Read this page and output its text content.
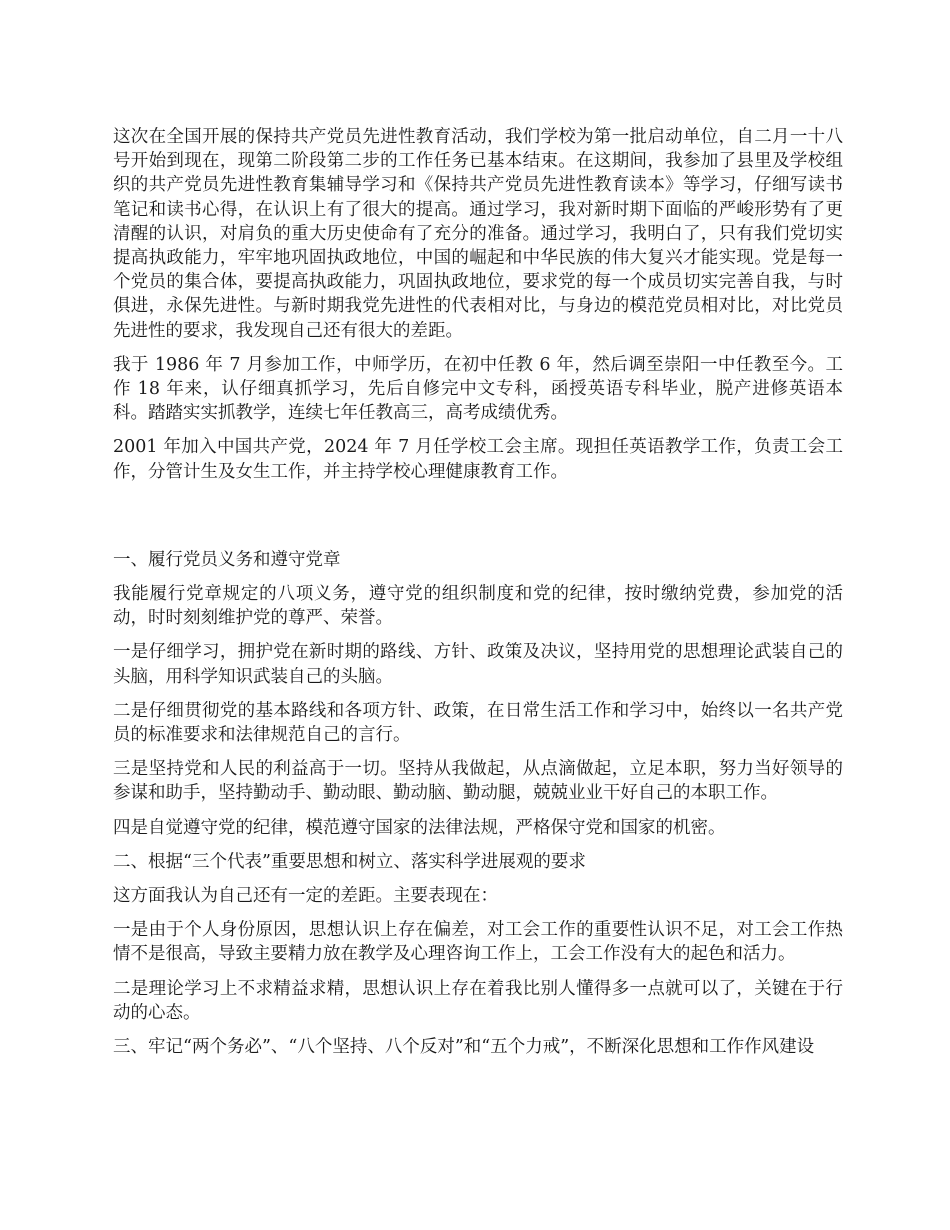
这次在全国开展的保持共产党员先进性教育活动，我们学校为第一批启动单位，自二月一十八号开始到现在，现第二阶段第二步的工作任务已基本结束。在这期间，我参加了县里及学校组织的共产党员先进性教育集辅导学习和《保持共产党员先进性教育读本》等学习，仔细写读书笔记和读书心得，在认识上有了很大的提高。通过学习，我对新时期下面临的严峻形势有了更清醒的认识，对肩负的重大历史使命有了充分的准备。通过学习，我明白了，只有我们党切实提高执政能力，牢牢地巩固执政地位，中国的崛起和中华民族的伟大复兴才能实现。党是每一个党员的集合体，要提高执政能力，巩固执政地位，要求党的每一个成员切实完善自我，与时俱进，永保先进性。与新时期我党先进性的代表相对比，与身边的模范党员相对比，对比党员先进性的要求，我发现自己还有很大的差距。

我于 1986 年 7 月参加工作，中师学历，在初中任教 6 年，然后调至崇阳一中任教至今。工作 18 年来，认仔细真抓学习，先后自修完中文专科，函授英语专科毕业，脱产进修英语本科。踏踏实实抓教学，连续七年任教高三，高考成绩优秀。

2001 年加入中国共产党，2024 年 7 月任学校工会主席。现担任英语教学工作，负责工会工作，分管计生及女生工作，并主持学校心理健康教育工作。

一、履行党员义务和遵守党章

我能履行党章规定的八项义务，遵守党的组织制度和党的纪律，按时缴纳党费，参加党的活动，时时刻刻维护党的尊严、荣誉。

一是仔细学习，拥护党在新时期的路线、方针、政策及决议，坚持用党的思想理论武装自己的头脑，用科学知识武装自己的头脑。

二是仔细贯彻党的基本路线和各项方针、政策，在日常生活工作和学习中，始终以一名共产党员的标准要求和法律规范自己的言行。

三是坚持党和人民的利益高于一切。坚持从我做起，从点滴做起，立足本职，努力当好领导的参谋和助手，坚持勤动手、勤动眼、勤动脑、勤动腿，兢兢业业干好自己的本职工作。

四是自觉遵守党的纪律，模范遵守国家的法律法规，严格保守党和国家的机密。

二、根据“三个代表”重要思想和树立、落实科学进展观的要求

这方面我认为自己还有一定的差距。主要表现在：

一是由于个人身份原因，思想认识上存在偏差，对工会工作的重要性认识不足，对工会工作热情不是很高，导致主要精力放在教学及心理咨询工作上，工会工作没有大的起色和活力。

二是理论学习上不求精益求精，思想认识上存在着我比别人懂得多一点就可以了，关键在于行动的心态。

三、牢记“两个务必”、“八个坚持、八个反对”和“五个力戒”，不断深化思想和工作作风建设
